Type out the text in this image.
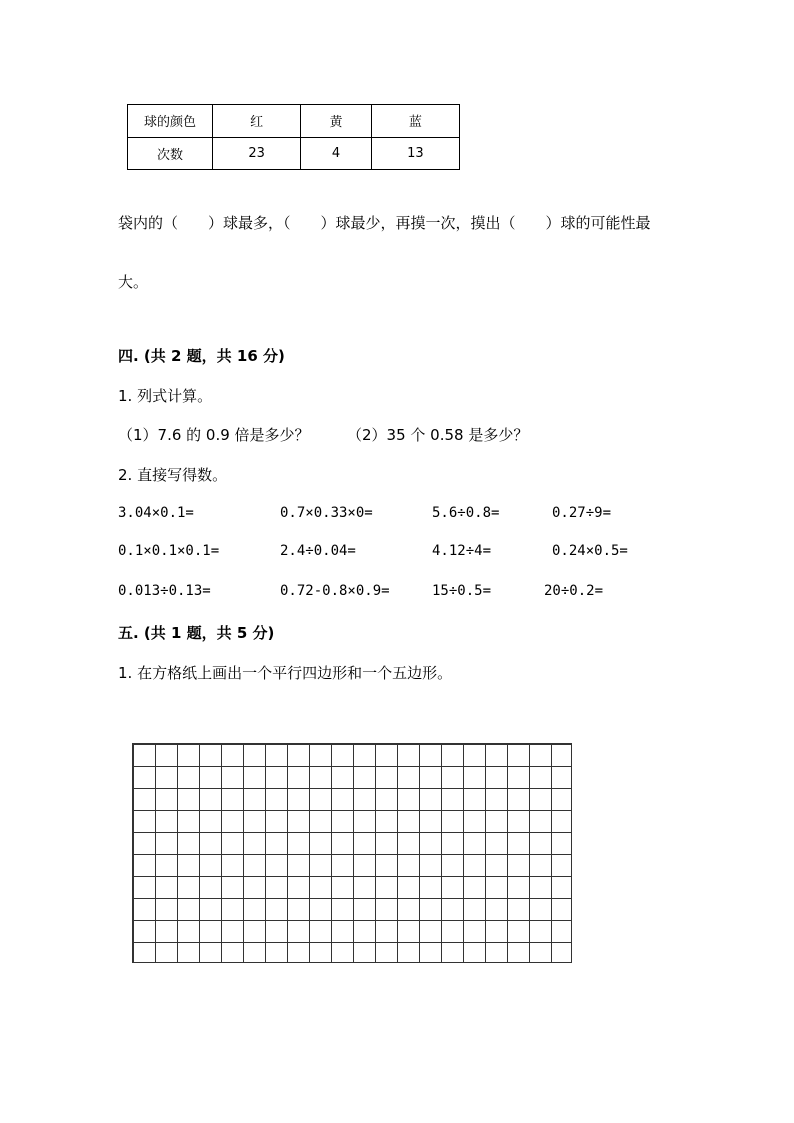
球的颜色	红	黄	蓝
次数	23	4	13
袋内的（　　）球最多，（　　）球最少，再摸一次，摸出（　　）球的可能性最
大。
四. (共 2 题，共 16 分)
1. 列式计算。
（1）7.6 的 0.9 倍是多少？ （2）35 个 0.58 是多少？
2. 直接写得数。
3.04×0.1=	0.7×0.33×0=	5.6÷0.8=	0.27÷9=
0.1×0.1×0.1=	2.4÷0.04=	4.12÷4=	0.24×0.5=
0.013÷0.13=	0.72-0.8×0.9=	15÷0.5=	20÷0.2=
五. (共 1 题，共 5 分)
1. 在方格纸上画出一个平行四边形和一个五边形。
